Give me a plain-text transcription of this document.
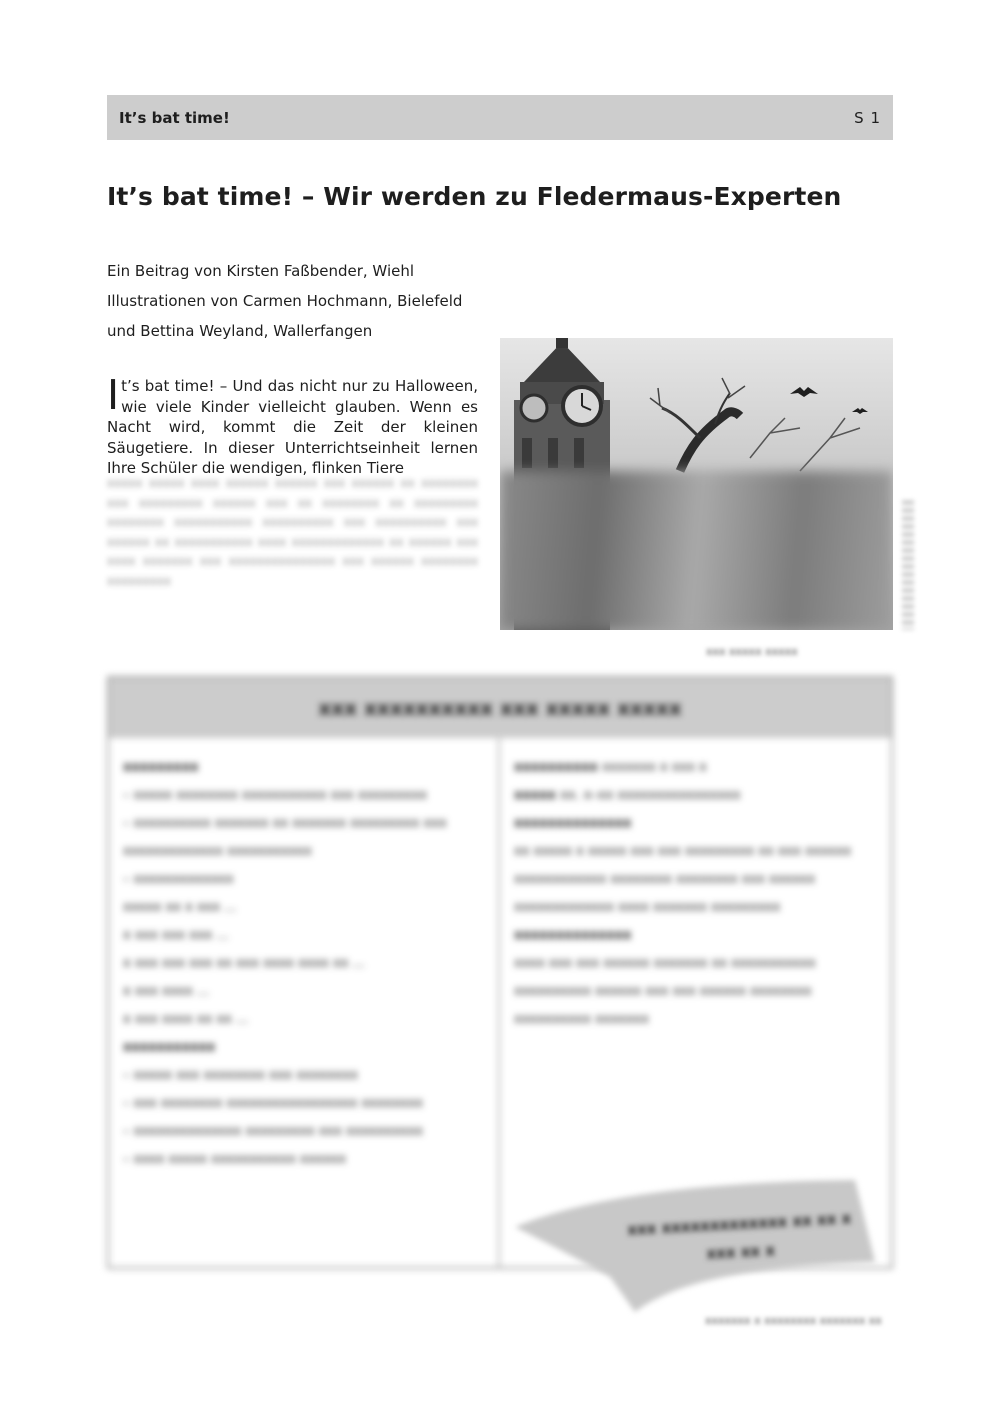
It’s bat time!	S 1
It’s bat time! – Wir werden zu Fledermaus-Experten
Ein Beitrag von Kirsten Faßbender, Wiehl
Illustrationen von Carmen Hochmann, Bielefeld
und Bettina Weyland, Wallerfangen
It’s bat time! – Und das nicht nur zu Halloween, wie viele Kinder vielleicht glauben. Wenn es Nacht wird, kommt die Zeit der kleinen Säugetiere. In dieser Unterrichtseinheit lernen Ihre Schüler die wendigen, flinken Tiere
xxxxx xxxxx xxxx xxxxxx xxxxxx xxx xxxxxx xx xxxxxxxx xxx xxxxxxxxx xxxxxx xxx xx xxxxxxxx xx xxxxxxxxx xxxxxxxx xxxxxxxxxxx xxxxxxxxxx xxx xxxxxxxxxx xxx xxxxxx xx xxxxxxxxxxx xxxx xxxxxxxxxxxxx xx xxxxxx xxx xxxx xxxxxxx xxx xxxxxxxxxxxxxxx xxx xxxxxx xxxxxxxx xxxxxxxxx
xxx xxxxx xxxxx
xxx xxxxxxxxxx xxx xxxxx xxxxx
xxxxxxxxx
– xxxxx xxxxxxxx xxxxxxxxxxx xxx xxxxxxxxx
– xxxxxxxxxx xxxxxxx xx xxxxxxx xxxxxxxxx xxx xxxxxxxxxxxxx xxxxxxxxxxx
– xxxxxxxxxxxxx
xxxxx xx x xxx ...
x xxx xxx xxx ...
x xxx xxx xxx xx xxx xxxx xxxx xx ...
x xxx xxxx ...
x xxx xxxx xx xx ...
xxxxxxxxxxx
– xxxxx xxx xxxxxxxx xxx xxxxxxxx
– xxx xxxxxxxx xxxxxxxxxxxxxxxxx xxxxxxxx
– xxxxxxxxxxxxxx xxxxxxxxx xxx xxxxxxxxxx
– xxxx xxxxx xxxxxxxxxxx xxxxxx
xxxxxxxxxx xxxxxxx x xxx x
xxxxx xx. x–xx xxxxxxxxxxxxxxxx
xxxxxxxxxxxxxx
xx xxxxx x xxxxx xxx xxx xxxxxxxxx xx xxx xxxxxx xxxxxxxxxxxx xxxxxxxx xxxxxxxx xxx xxxxxx xxxxxxxxxxxxx xxxx xxxxxxx xxxxxxxxx
xxxxxxxxxxxxxx
xxxx xxx xxx xxxxxx xxxxxxx xx xxxxxxxxxxx xxxxxxxxxx xxxxxx xxx xxx xxxxxx xxxxxxxx xxxxxxxxxx xxxxxxx
xxx xxxxxxxxxxxxx xx xx x xxx xx x
xxxxxxx x xxxxxxxx xxxxxxx xx
